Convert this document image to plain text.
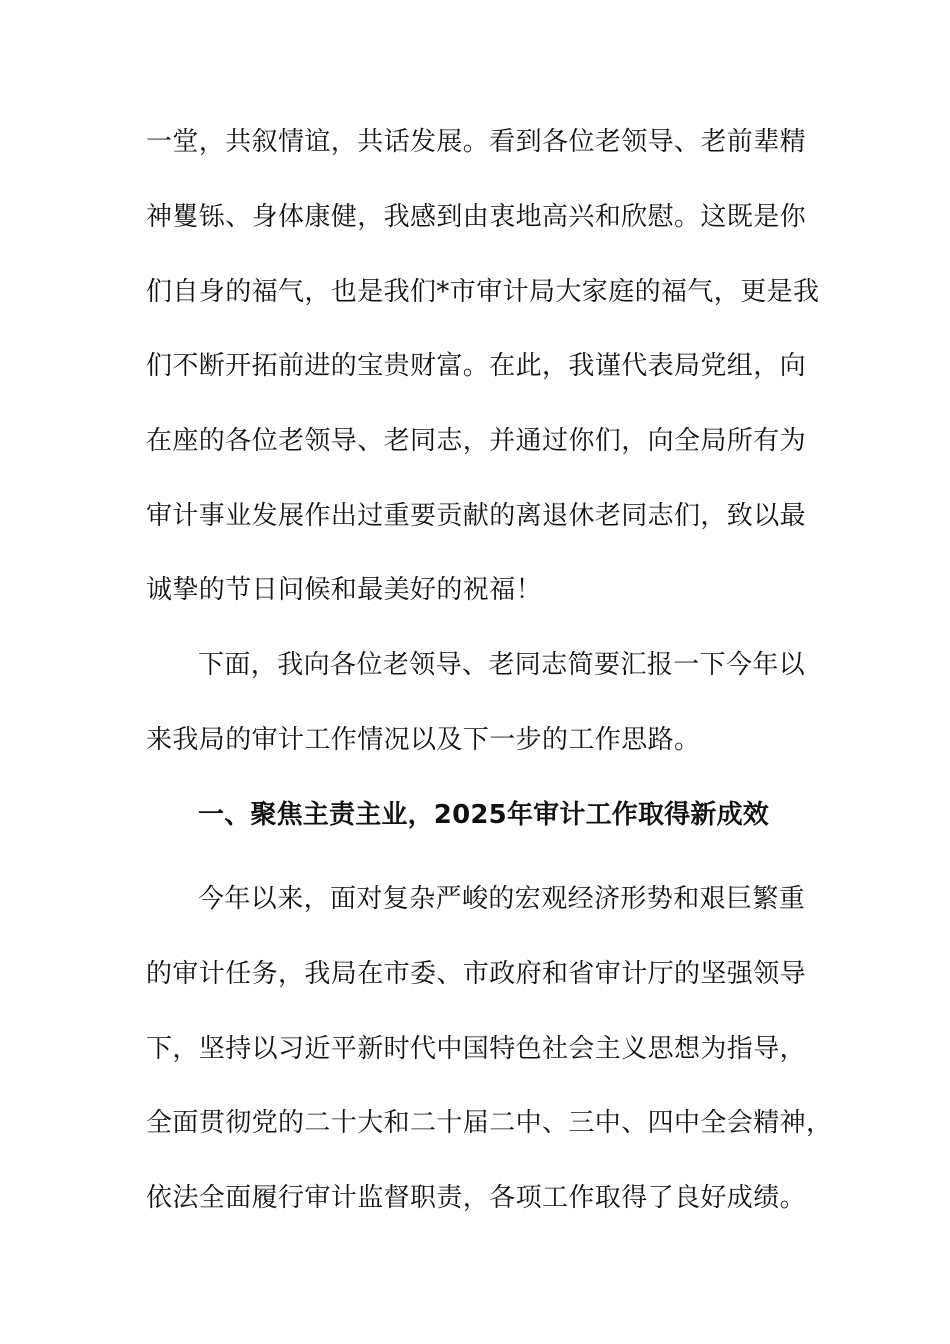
一堂，共叙情谊，共话发展。看到各位老领导、老前辈精
神矍铄、身体康健，我感到由衷地高兴和欣慰。这既是你
们自身的福气，也是我们*市审计局大家庭的福气，更是我
们不断开拓前进的宝贵财富。在此，我谨代表局党组，向
在座的各位老领导、老同志，并通过你们，向全局所有为
审计事业发展作出过重要贡献的离退休老同志们，致以最
诚挚的节日问候和最美好的祝福！
下面，我向各位老领导、老同志简要汇报一下今年以
来我局的审计工作情况以及下一步的工作思路。
一、聚焦主责主业，2025年审计工作取得新成效
今年以来，面对复杂严峻的宏观经济形势和艰巨繁重
的审计任务，我局在市委、市政府和省审计厅的坚强领导
下，坚持以习近平新时代中国特色社会主义思想为指导，
全面贯彻党的二十大和二十届二中、三中、四中全会精神，
依法全面履行审计监督职责，各项工作取得了良好成绩。
